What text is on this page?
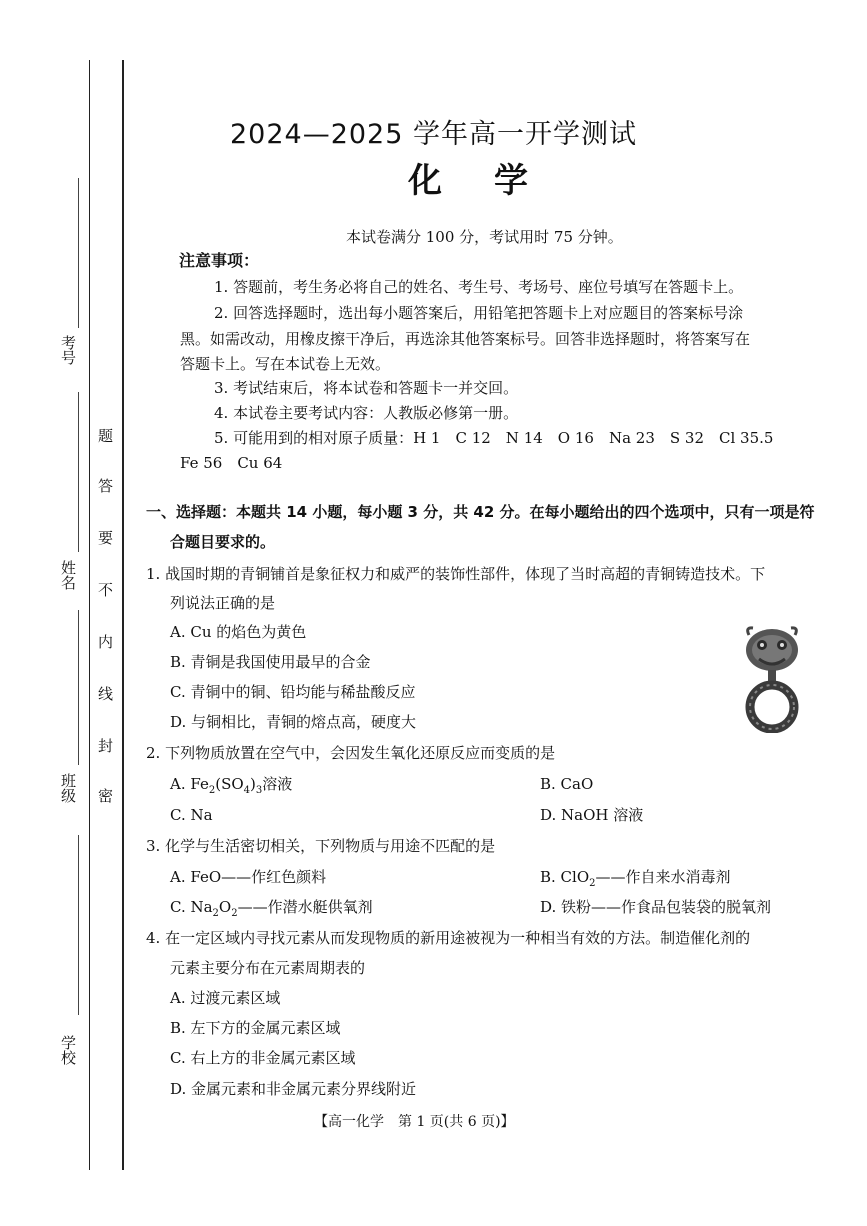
考号
姓名
班级
学校
题
答
要
不
内
线
封
密
2024—2025 学年高一开学测试
化 学
本试卷满分 100 分，考试用时 75 分钟。
注意事项：
1. 答题前，考生务必将自己的姓名、考生号、考场号、座位号填写在答题卡上。
2. 回答选择题时，选出每小题答案后，用铅笔把答题卡上对应题目的答案标号涂
黑。如需改动，用橡皮擦干净后，再选涂其他答案标号。回答非选择题时，将答案写在
答题卡上。写在本试卷上无效。
3. 考试结束后，将本试卷和答题卡一并交回。
4. 本试卷主要考试内容：人教版必修第一册。
5. 可能用到的相对原子质量：H 1　C 12　N 14　O 16　Na 23　S 32　Cl 35.5
Fe 56　Cu 64
一、选择题：本题共 14 小题，每小题 3 分，共 42 分。在每小题给出的四个选项中，只有一项是符
合题目要求的。
1. 战国时期的青铜铺首是象征权力和威严的装饰性部件，体现了当时高超的青铜铸造技术。下
列说法正确的是
A. Cu 的焰色为黄色
B. 青铜是我国使用最早的合金
C. 青铜中的铜、铅均能与稀盐酸反应
D. 与铜相比，青铜的熔点高，硬度大
2. 下列物质放置在空气中，会因发生氧化还原反应而变质的是
A. $Fe_2(SO_4)_3$溶液	B. CaO
C. Na	D. NaOH 溶液
3. 化学与生活密切相关，下列物质与用途不匹配的是
A. FeO——作红色颜料	B. ClO$_2$——作自来水消毒剂
C. $Na_2O_2——$作潜水艇供氧剂	D. 铁粉——作食品包装袋的脱氧剂
4. 在一定区域内寻找元素从而发现物质的新用途被视为一种相当有效的方法。制造催化剂的
元素主要分布在元素周期表的
A. 过渡元素区域
B. 左下方的金属元素区域
C. 右上方的非金属元素区域
D. 金属元素和非金属元素分界线附近
【高一化学　第 1 页(共 6 页)】
